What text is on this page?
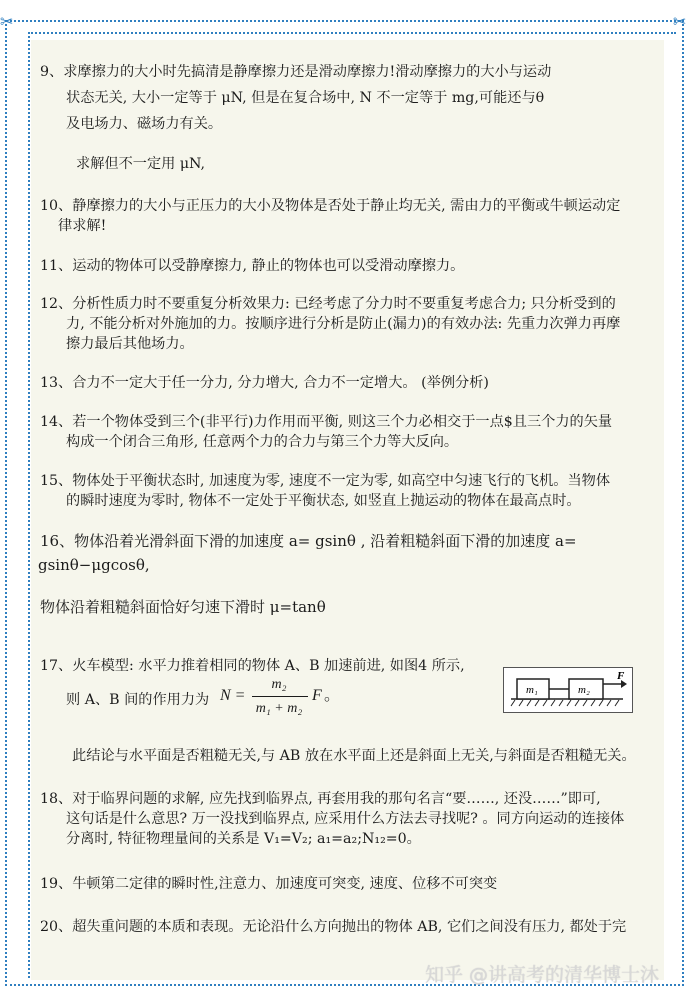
✂	✂
9、求摩擦力的大小时先搞清是静摩擦力还是滑动摩擦力!滑动摩擦力的大小与运动
状态无关, 大小一定等于 μN, 但是在复合场中, N 不一定等于 mg,可能还与θ
及电场力、磁场力有关。
求解但不一定用 μN,
10、静摩擦力的大小与正压力的大小及物体是否处于静止均无关, 需由力的平衡或牛顿运动定
律求解!
11、运动的物体可以受静摩擦力, 静止的物体也可以受滑动摩擦力。
12、分析性质力时不要重复分析效果力: 已经考虑了分力时不要重复考虑合力; 只分析受到的
力, 不能分析对外施加的力。按顺序进行分析是防止(漏力)的有效办法: 先重力次弹力再摩
擦力最后其他场力。
13、合力不一定大于任一分力, 分力增大, 合力不一定增大。 (举例分析)
14、若一个物体受到三个(非平行)力作用而平衡, 则这三个力必相交于一点$且三个力的矢量
构成一个闭合三角形, 任意两个力的合力与第三个力等大反向。
15、物体处于平衡状态时, 加速度为零, 速度不一定为零, 如高空中匀速飞行的飞机。当物体
的瞬时速度为零时, 物体不一定处于平衡状态, 如竖直上抛运动的物体在最高点时。
16、物体沿着光滑斜面下滑的加速度 a= gsinθ , 沿着粗糙斜面下滑的加速度 a=
gsinθ−μgcosθ,
物体沿着粗糙斜面恰好匀速下滑时 μ=tanθ
17、火车模型: 水平力推着相同的物体 A、B 加速前进, 如图4 所示,
则 A、B 间的作用力为 N =
m₂
m₁ + m₂
F 。
此结论与水平面是否粗糙无关,与 AB 放在水平面上还是斜面上无关,与斜面是否粗糙无关。
18、对于临界问题的求解, 应先找到临界点, 再套用我的那句名言“要……, 还没……”即可,
这句话是什么意思? 万一没找到临界点, 应采用什么方法去寻找呢? 。同方向运动的连接体
分离时, 特征物理量间的关系是 V₁=V₂; a₁=a₂;N₁₂=0。
19、牛顿第二定律的瞬时性,注意力、加速度可突变, 速度、位移不可突变
20、超失重问题的本质和表现。无论沿什么方向抛出的物体 AB, 它们之间没有压力, 都处于完
m₁	m₂
F
知乎 @讲高考的清华博士沐
